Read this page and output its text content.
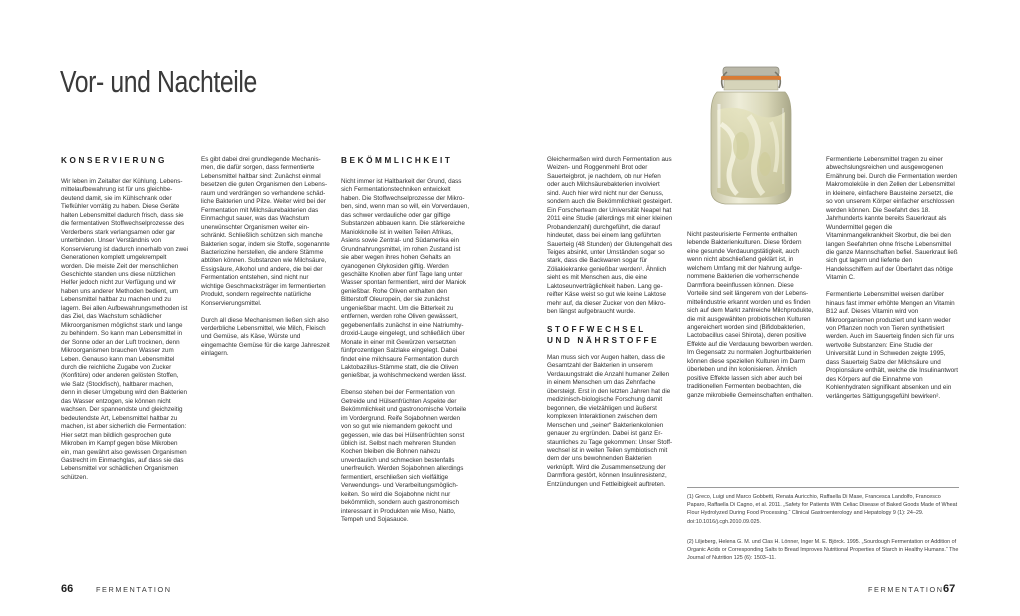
Vor- und Nachteile
KONSERVIERUNG

Wir leben im Zeitalter der Kühlung. Lebensmittelaufbewahrung ist für uns gleichbedeutend damit, sie im Kühlschrank oder Tiefkühler vorrätig zu haben. Diese Geräte halten Lebensmittel dadurch frisch, dass sie die fermentativen Stoffwechselprozesse des Verderbens stark verlangsamen oder gar unterbinden. Unser Verständnis von Konservierung ist dadurch innerhalb von zwei Generationen komplett umgekrempelt worden. Die meiste Zeit der menschlichen Geschichte standen uns diese nützlichen Helfer jedoch nicht zur Verfügung und wir haben uns anderer Methoden bedient, um Lebensmittel haltbar zu machen und zu lagern. Bei allen Aufbewahrungsmethoden ist das Ziel, das Wachstum schädlicher Mikroorganismen möglichst stark und lange zu behindern. So kann man Lebensmittel in der Sonne oder an der Luft trocknen, denn Mikroorganismen brauchen Wasser zum Leben. Genauso kann man Lebensmittel durch die reichliche Zugabe von Zucker (Konfitüre) oder anderen gelösten Stoffen, wie Salz (Stockfisch), haltbarer machen, denn in dieser Umgebung wird den Bakterien das Wasser entzogen, sie können nicht wachsen. Der spannendste und gleichzeitig bedeutendste Art, Lebensmittel haltbar zu machen, ist aber sicherlich die Fermentation: Hier setzt man bildlich gesprochen gute Mikroben im Kampf gegen böse Mikroben ein, man gewährt also gewissen Organismen Gastrecht im Einmachglas, auf dass sie das Lebensmittel vor schädlichen Organismen schützen.

Es gibt dabei drei grundlegende Mechanismen, die dafür sorgen, dass fermentierte Lebensmittel haltbar sind: Zunächst einmal besetzen die guten Organismen den Lebensraum und verdrängen so verhandene schädliche Bakterien und Pilze. Weiter wird bei der Fermentation mit Milchsäurebakterien das Einmachgut sauer, was das Wachstum unerwünschter Organismen weiter einschränkt. Schließlich schützen sich manche Bakterien sogar, indem sie Stoffe, sogenannte Bacteriozine herstellen, die andere Stämme abtöten können. Substanzen wie Milchsäure, Essigsäure, Alkohol und andere, die bei der Fermentation entstehen, sind nicht nur wichtige Geschmacksträger im fermentierten Produkt, sondern regelrechte natürliche Konservierungsmittel.

Durch all diese Mechanismen ließen sich also verderbliche Lebensmittel, wie Milch, Fleisch und Gemüse, als Käse, Würste und eingemachte Gemüse für die karge Jahreszeit einlagern.

BEKÖMMLICHKEIT

Nicht immer ist Haltbarkeit der Grund, dass sich Fermentationstechniken entwickelt haben. Die Stoffwechselprozesse der Mikroben, sind, wenn man so will, ein Vorverdauen, das schwer verdauliche oder gar giftige Substanzen abbauen kann. Die stärkereiche Maniokknolle ist in weiten Teilen Afrikas, Asiens sowie Zentral- und Südamerika ein Grundnahrungsmittel, im rohen Zustand ist sie aber wegen ihres hohen Gehalts an cyanogenen Glykosiden giftig. Werden geschälte Knollen aber fünf Tage lang unter Wasser spontan fermentiert, wird der Maniok genießbar. Rohe Oliven enthalten den Bitterstoff Oleuropein, der sie zunächst ungenießbar macht. Um die Bitterkeit zu entfernen, werden rohe Oliven gewässert, gegebenenfalls zunächst in eine Natriumhydroxid-Lauge eingelegt, und schließlich über Monate in einer mit Gewürzen versetzten fünfprozentigen Salzlake eingelegt. Dabei findet eine milchsaure Fermentation durch Laktobazillus-Stämme statt, die die Oliven genießbar, ja wohlschmeckend werden lässt.

Ebenso stehen bei der Fermentation von Getreide und Hülsenfrüchten Aspekte der Bekömmlichkeit und gastronomische Vorteile im Vordergrund. Reife Sojabohnen werden von so gut wie niemandem gekocht und gegessen, wie das bei Hülsenfrüchten sonst üblich ist. Selbst nach mehreren Stunden Kochen bleiben die Bohnen nahezu unverdaulich und schmecken bestenfalls unerfreulich. Werden Sojabohnen allerdings fermentiert, erschließen sich vielfältige Verwendungs- und Verarbeitungsmöglichkeiten. So wird die Sojabohne nicht nur bekömmlich, sondern auch gastronomisch interessant in Produkten wie Miso, Natto, Tempeh und Sojasauce.

Gleichermaßen wird durch Fermentation aus Weizen- und Roggenmehl Brot oder Sauerteigbrot, je nachdem, ob nur Hefen oder auch Milchsäurebakterien involviert sind. Auch hier wird nicht nur der Genuss, sondern auch die Bekömmlichkeit gesteigert. Ein Forscherteam der Universität Neapel hat 2011 eine Studie (allerdings mit einer kleinen Probandenzahl) durchgeführt, die darauf hindeutet, dass bei einem lang geführten Sauerteig (48 Stunden) der Glutengehalt des Teiges absinkt, unter Umständen sogar so stark, dass die Backwaren sogar für Zöliakiekranke genießbar werden¹. Ähnlich sieht es mit Menschen aus, die eine Laktoseunverträglichkeit haben. Lang gereifter Käse weist so gut wie keine Laktose mehr auf, da dieser Zucker von den Mikroben längst aufgebraucht wurde.

STOFFWECHSEL UND NÄHRSTOFFE

Man muss sich vor Augen halten, dass die Gesamtzahl der Bakterien in unserem Verdauungstrakt die Anzahl humaner Zellen in einem Menschen um das Zehnfache übersteigt. Erst in den letzten Jahren hat die medizinisch-biologische Forschung damit begonnen, die vielzähligen und äußerst komplexen Interaktionen zwischen dem Menschen und „seiner“ Bakterienkolonien genauer zu ergründen. Dabei ist ganz Erstaunliches zu Tage gekommen: Unser Stoffwechsel ist in weiten Teilen symbiotisch mit dem der uns bewohnenden Bakterien verknüpft. Wird die Zusammensetzung der Darmflora gestört, können Insulinresistenz, Entzündungen und Fettleibigkeit auftreten.

Nicht pasteurisierte Fermente enthalten lebende Bakterienkulturen. Diese fördern eine gesunde Verdauungstätigkeit, auch wenn nicht abschließend geklärt ist, in welchem Umfang mit der Nahrung aufgenommene Bakterien die vorherrschende Darmflora beeinflussen können. Diese Vorteile sind seit längerem von der Lebensmittelindustrie erkannt worden und es finden sich auf dem Markt zahlreiche Milchprodukte, die mit ausgewählten probiotischen Kulturen angereichert worden sind (Bifidobakterien, Lactobacillus casei Shirota), deren positive Effekte auf die Verdauung beworben werden. Im Gegensatz zu normalen Joghurtbakterien können diese speziellen Kulturen im Darm überleben und ihn kolonisieren. Ähnlich positive Effekte lassen sich aber auch bei traditionellen Fermenten beobachten, die ganze mikrobielle Gemeinschaften enthalten.

Fermentierte Lebensmittel tragen zu einer abwechslungsreichen und ausgewogenen Ernährung bei. Durch die Fermentation werden Makromoleküle in den Zellen der Lebensmittel in kleinere, einfachere Bausteine zersetzt, die so von unserem Körper einfacher erschlossen werden können. Die Seefahrt des 18. Jahrhunderts kannte bereits Sauerkraut als Wundermittel gegen die Vitaminmangelkrankheit Skorbut, die bei den langen Seefahrten ohne frische Lebensmittel die ganze Mannschaften befiel. Sauerkraut ließ sich gut lagern und lieferte den Handelsschiffern auf der Überfahrt das nötige Vitamin C.

Fermentierte Lebensmittel weisen darüber hinaus fast immer erhöhte Mengen an Vitamin B12 auf. Dieses Vitamin wird von Mikroorganismen produziert und kann weder von Pflanzen noch von Tieren synthetisiert werden. Auch im Sauerteig finden sich für uns wertvolle Substanzen: Eine Studie der Universität Lund in Schweden zeigte 1995, dass Sauerteig Salze der Milchsäure und Propionsäure enthält, welche die Insulinantwort des Körpers auf die Einnahme von Kohlenhydraten signifikant absenken und ein verlängertes Sättigungsgefühl bewirken².

(1) Greco, Luigi und Marco Gobbetti, Renata Auricchio, Raffaella Di Mase, Francesca Landolfo, Francesco Paparo, Raffaella Di Cagno, et al. 2011. „Safety for Patients With Celiac Disease of Baked Goods Made of Wheat Flour Hydrolyzed During Food Processing.“ Clinical Gastroenterology and Hepatology 9 (1): 24–29. doi:10.1016/j.cgh.2010.09.025.

(2) Liljeberg, Helena G. M. und Clas H. Lönner, Inger M. E. Björck. 1995. „Sourdough Fermentation or Addition of Organic Acids or Corresponding Salts to Bread Improves Nutritional Properties of Starch in Healthy Humans.“ The Journal of Nutrition 125 (6): 1503–11.

66	FERMENTATION	FERMENTATION 67
